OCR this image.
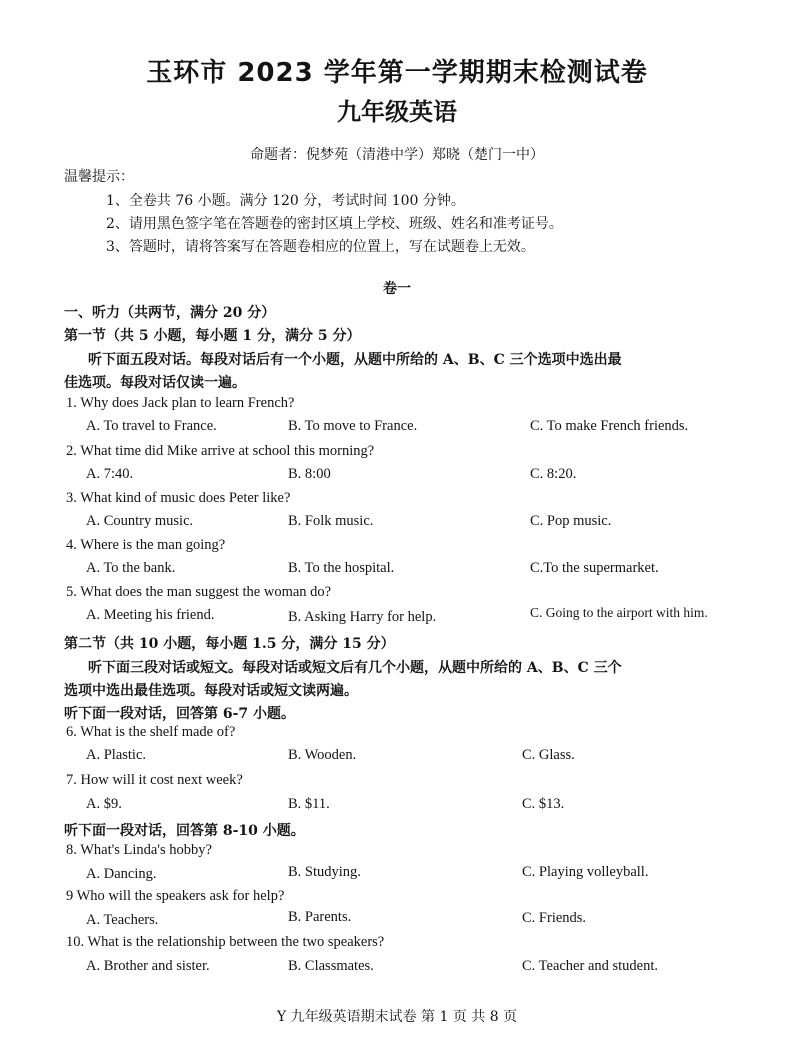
玉环市 2023 学年第一学期期末检测试卷
九年级英语
命题者：倪梦苑（清港中学）郑晓（楚门一中）
温馨提示：
1、全卷共 76 小题。满分 120 分，考试时间 100 分钟。
2、请用黑色签字笔在答题卷的密封区填上学校、班级、姓名和准考证号。
3、答题时，请将答案写在答题卷相应的位置上，写在试题卷上无效。
卷一
一、听力（共两节，满分 20 分）
第一节（共 5 小题，每小题 1 分，满分 5 分）
听下面五段对话。每段对话后有一个小题，从题中所给的 A、B、C 三个选项中选出最
佳选项。每段对话仅读一遍。
1. Why does Jack plan to learn French?
A. To travel to France.	B. To move to France.	C. To make French friends.
2. What time did Mike arrive at school this morning?
A. 7:40.	B. 8:00	C. 8:20.
3. What kind of music does Peter like?
A. Country music.	B. Folk music.	C. Pop music.
4. Where is the man going?
A. To the bank.	B. To the hospital.	C.To the supermarket.
5. What does the man suggest the woman do?
A. Meeting his friend.	B. Asking Harry for help.	C. Going to the airport with him.
第二节（共 10 小题，每小题 1.5 分，满分 15 分）
听下面三段对话或短文。每段对话或短文后有几个小题，从题中所给的 A、B、C 三个
选项中选出最佳选项。每段对话或短文读两遍。
听下面一段对话，回答第 6-7 小题。
6. What is the shelf made of?
A. Plastic.	B. Wooden.	C. Glass.
7. How will it cost next week?
A. $9.	B. $11.	C. $13.
听下面一段对话，回答第 8-10 小题。
8. What's Linda's hobby?
A. Dancing.	B. Studying.	C. Playing volleyball.
9 Who will the speakers ask for help?
A. Teachers.	B. Parents.	C. Friends.
10. What is the relationship between the two speakers?
A. Brother and sister.	B. Classmates.	C. Teacher and student.
Y 九年级英语期末试卷 第 1 页 共 8 页
